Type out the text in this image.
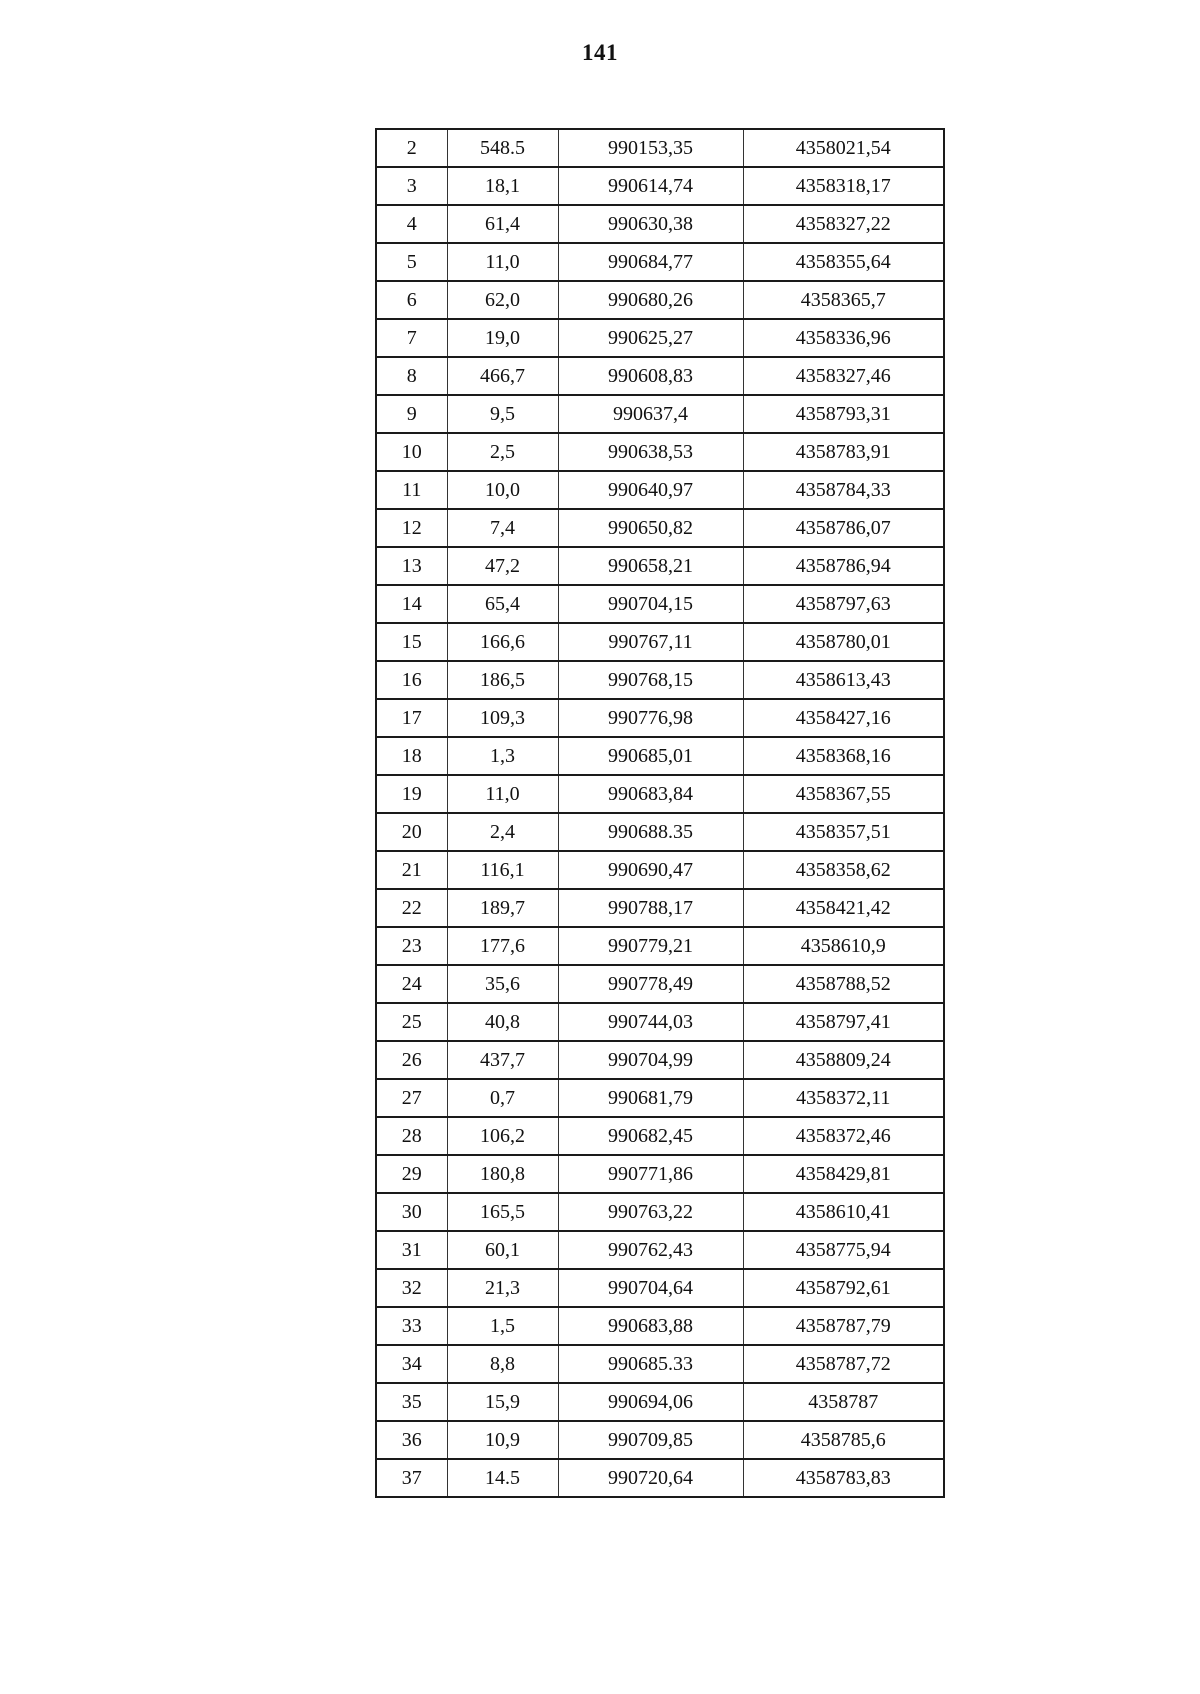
141
2	548.5	990153,35	4358021,54
3	18,1	990614,74	4358318,17
4	61,4	990630,38	4358327,22
5	11,0	990684,77	4358355,64
6	62,0	990680,26	4358365,7
7	19,0	990625,27	4358336,96
8	466,7	990608,83	4358327,46
9	9,5	990637,4	4358793,31
10	2,5	990638,53	4358783,91
11	10,0	990640,97	4358784,33
12	7,4	990650,82	4358786,07
13	47,2	990658,21	4358786,94
14	65,4	990704,15	4358797,63
15	166,6	990767,11	4358780,01
16	186,5	990768,15	4358613,43
17	109,3	990776,98	4358427,16
18	1,3	990685,01	4358368,16
19	11,0	990683,84	4358367,55
20	2,4	990688.35	4358357,51
21	116,1	990690,47	4358358,62
22	189,7	990788,17	4358421,42
23	177,6	990779,21	4358610,9
24	35,6	990778,49	4358788,52
25	40,8	990744,03	4358797,41
26	437,7	990704,99	4358809,24
27	0,7	990681,79	4358372,11
28	106,2	990682,45	4358372,46
29	180,8	990771,86	4358429,81
30	165,5	990763,22	4358610,41
31	60,1	990762,43	4358775,94
32	21,3	990704,64	4358792,61
33	1,5	990683,88	4358787,79
34	8,8	990685.33	4358787,72
35	15,9	990694,06	4358787
36	10,9	990709,85	4358785,6
37	14.5	990720,64	4358783,83
